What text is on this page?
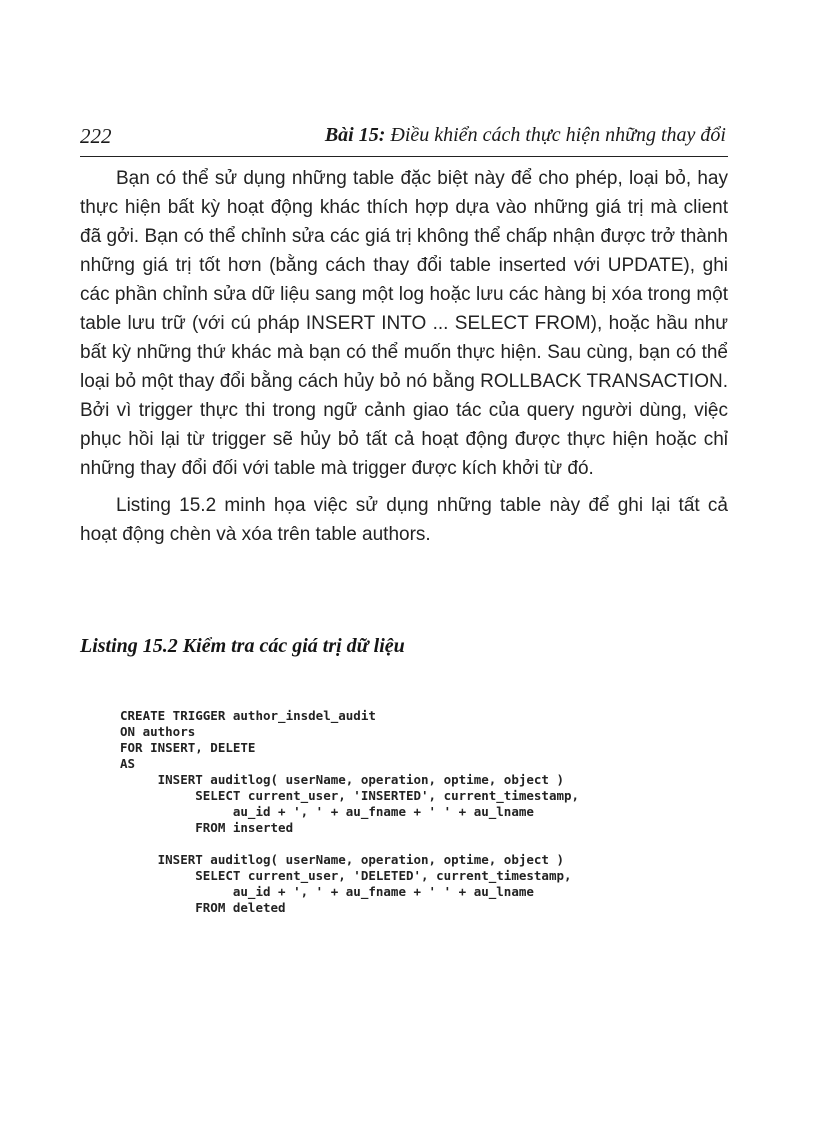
222	Bài 15: Điều khiển cách thực hiện những thay đổi

Bạn có thể sử dụng những table đặc biệt này để cho phép, loại bỏ, hay thực hiện bất kỳ hoạt động khác thích hợp dựa vào những giá trị mà client đã gởi. Bạn có thể chỉnh sửa các giá trị không thể chấp nhận được trở thành những giá trị tốt hơn (bằng cách thay đổi table inserted với UPDATE), ghi các phần chỉnh sửa dữ liệu sang một log hoặc lưu các hàng bị xóa trong một table lưu trữ (với cú pháp INSERT INTO ... SELECT FROM), hoặc hầu như bất kỳ những thứ khác mà bạn có thể muốn thực hiện. Sau cùng, bạn có thể loại bỏ một thay đổi bằng cách hủy bỏ nó bằng ROLLBACK TRANSACTION. Bởi vì trigger thực thi trong ngữ cảnh giao tác của query người dùng, việc phục hồi lại từ trigger sẽ hủy bỏ tất cả hoạt động được thực hiện hoặc chỉ những thay đổi đối với table mà trigger được kích khởi từ đó.

Listing 15.2 minh họa việc sử dụng những table này để ghi lại tất cả hoạt động chèn và xóa trên table authors.

Listing 15.2 Kiểm tra các giá trị dữ liệu
CREATE TRIGGER author_insdel_audit
ON authors
FOR INSERT, DELETE
AS
INSERT auditlog( userName, operation, optime, object )
SELECT current_user, 'INSERTED', current_timestamp,
au_id + ', ' + au_fname + ' ' + au_lname
FROM inserted
INSERT auditlog( userName, operation, optime, object )
SELECT current_user, 'DELETED', current_timestamp,
au_id + ', ' + au_fname + ' ' + au_lname
FROM deleted
